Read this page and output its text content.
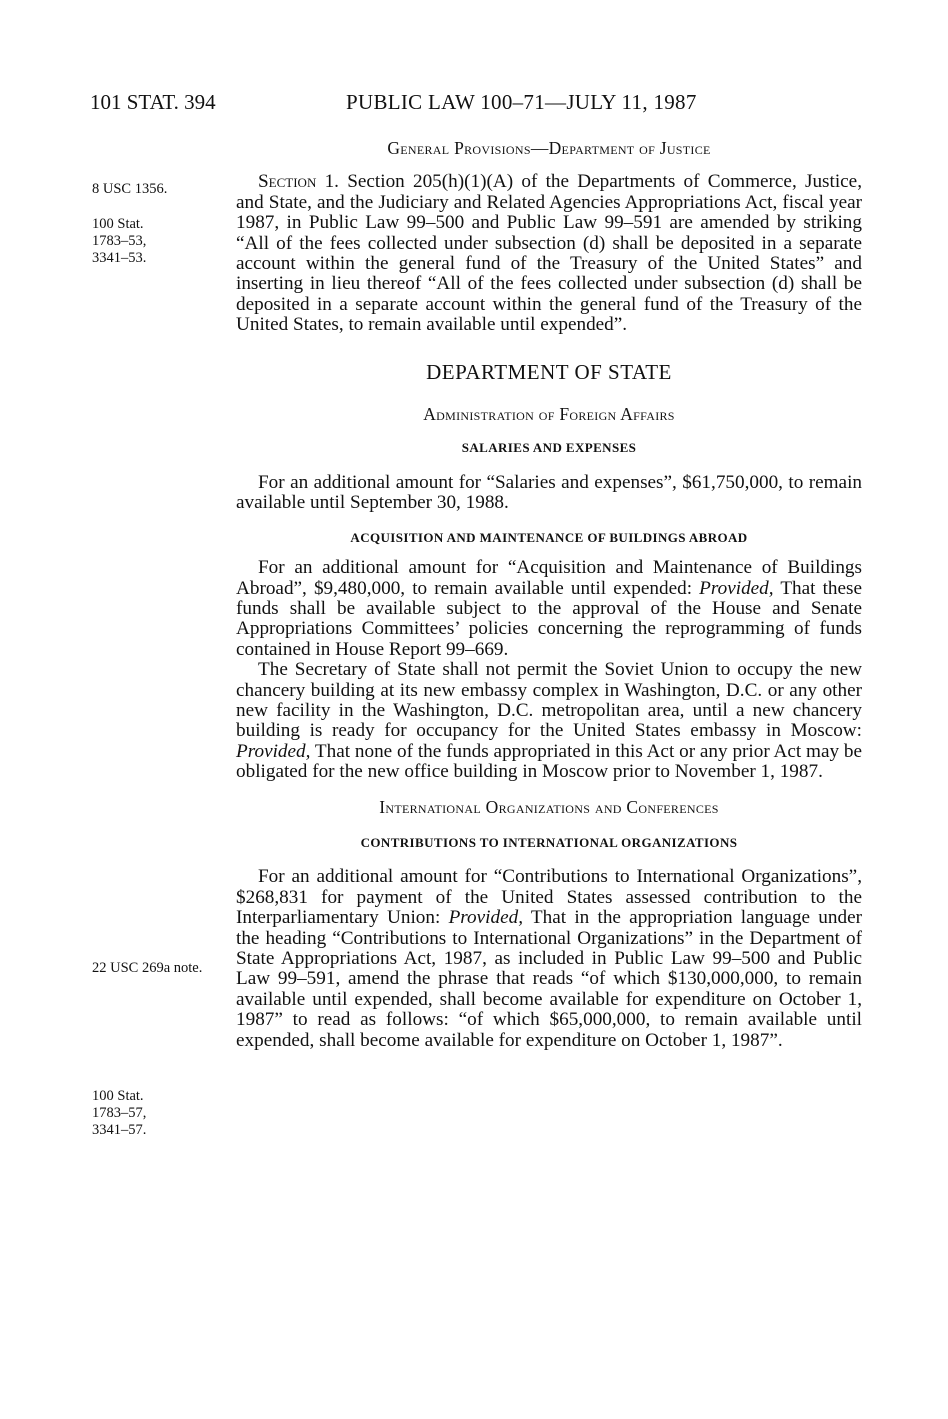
101 STAT. 394	PUBLIC LAW 100–71—JULY 11, 1987
8 USC 1356.
100 Stat. 1783–53, 3341–53.
22 USC 269a note.
100 Stat. 1783–57, 3341–57.
General Provisions—Department of Justice

Section 1. Section 205(h)(1)(A) of the Departments of Commerce, Justice, and State, and the Judiciary and Related Agencies Appropriations Act, fiscal year 1987, in Public Law 99–500 and Public Law 99–591 are amended by striking “All of the fees collected under subsection (d) shall be deposited in a separate account within the general fund of the Treasury of the United States” and inserting in lieu thereof “All of the fees collected under subsection (d) shall be deposited in a separate account within the general fund of the Treasury of the United States, to remain available until expended”.

DEPARTMENT OF STATE
Administration of Foreign Affairs
SALARIES AND EXPENSES

For an additional amount for “Salaries and expenses”, $61,750,000, to remain available until September 30, 1988.

ACQUISITION AND MAINTENANCE OF BUILDINGS ABROAD

For an additional amount for “Acquisition and Maintenance of Buildings Abroad”, $9,480,000, to remain available until expended: Provided, That these funds shall be available subject to the approval of the House and Senate Appropriations Committees’ policies concerning the reprogramming of funds contained in House Report 99–669.

The Secretary of State shall not permit the Soviet Union to occupy the new chancery building at its new embassy complex in Washington, D.C. or any other new facility in the Washington, D.C. metropolitan area, until a new chancery building is ready for occupancy for the United States embassy in Moscow: Provided, That none of the funds appropriated in this Act or any prior Act may be obligated for the new office building in Moscow prior to November 1, 1987.

International Organizations and Conferences
CONTRIBUTIONS TO INTERNATIONAL ORGANIZATIONS

For an additional amount for “Contributions to International Organizations”, $268,831 for payment of the United States assessed contribution to the Interparliamentary Union: Provided, That in the appropriation language under the heading “Contributions to International Organizations” in the Department of State Appropriations Act, 1987, as included in Public Law 99–500 and Public Law 99–591, amend the phrase that reads “of which $130,000,000, to remain available until expended, shall become available for expenditure on October 1, 1987” to read as follows: “of which $65,000,000, to remain available until expended, shall become available for expenditure on October 1, 1987”.
